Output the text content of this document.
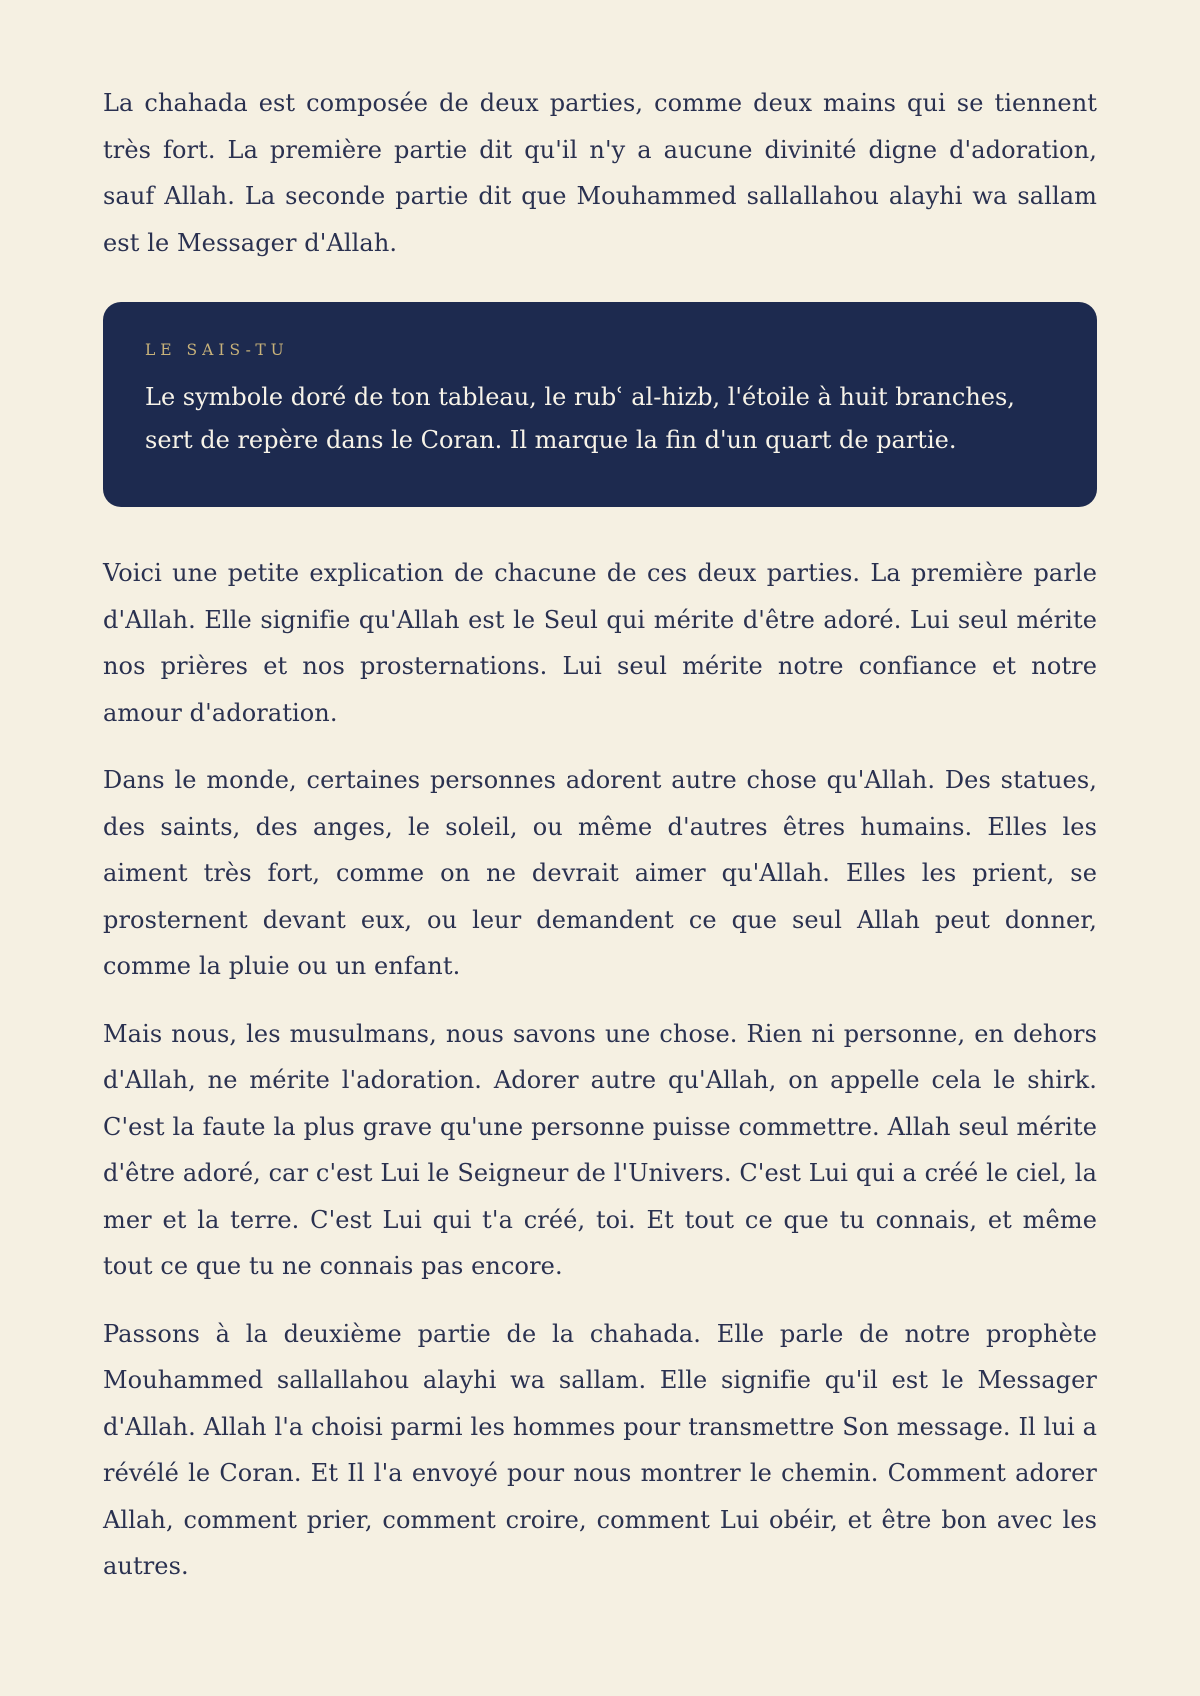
La chahada est composée de deux parties, comme deux mains qui se tiennent très fort. La première partie dit qu'il n'y a aucune divinité digne d'adoration, sauf Allah. La seconde partie dit que Mouhammed sallallahou alayhi wa sallam est le Messager d'Allah.

LE SAIS-TU

Le symbole doré de ton tableau, le rubʿ al-hizb, l'étoile à huit branches, sert de repère dans le Coran. Il marque la fin d'un quart de partie.

Voici une petite explication de chacune de ces deux parties. La première parle d'Allah. Elle signifie qu'Allah est le Seul qui mérite d'être adoré. Lui seul mérite nos prières et nos prosternations. Lui seul mérite notre confiance et notre amour d'adoration.

Dans le monde, certaines personnes adorent autre chose qu'Allah. Des statues, des saints, des anges, le soleil, ou même d'autres êtres humains. Elles les aiment très fort, comme on ne devrait aimer qu'Allah. Elles les prient, se prosternent devant eux, ou leur demandent ce que seul Allah peut donner, comme la pluie ou un enfant.

Mais nous, les musulmans, nous savons une chose. Rien ni personne, en dehors d'Allah, ne mérite l'adoration. Adorer autre qu'Allah, on appelle cela le shirk. C'est la faute la plus grave qu'une personne puisse commettre. Allah seul mérite d'être adoré, car c'est Lui le Seigneur de l'Univers. C'est Lui qui a créé le ciel, la mer et la terre. C'est Lui qui t'a créé, toi. Et tout ce que tu connais, et même tout ce que tu ne connais pas encore.

Passons à la deuxième partie de la chahada. Elle parle de notre prophète Mouhammed sallallahou alayhi wa sallam. Elle signifie qu'il est le Messager d'Allah. Allah l'a choisi parmi les hommes pour transmettre Son message. Il lui a révélé le Coran. Et Il l'a envoyé pour nous montrer le chemin. Comment adorer Allah, comment prier, comment croire, comment Lui obéir, et être bon avec les autres.
